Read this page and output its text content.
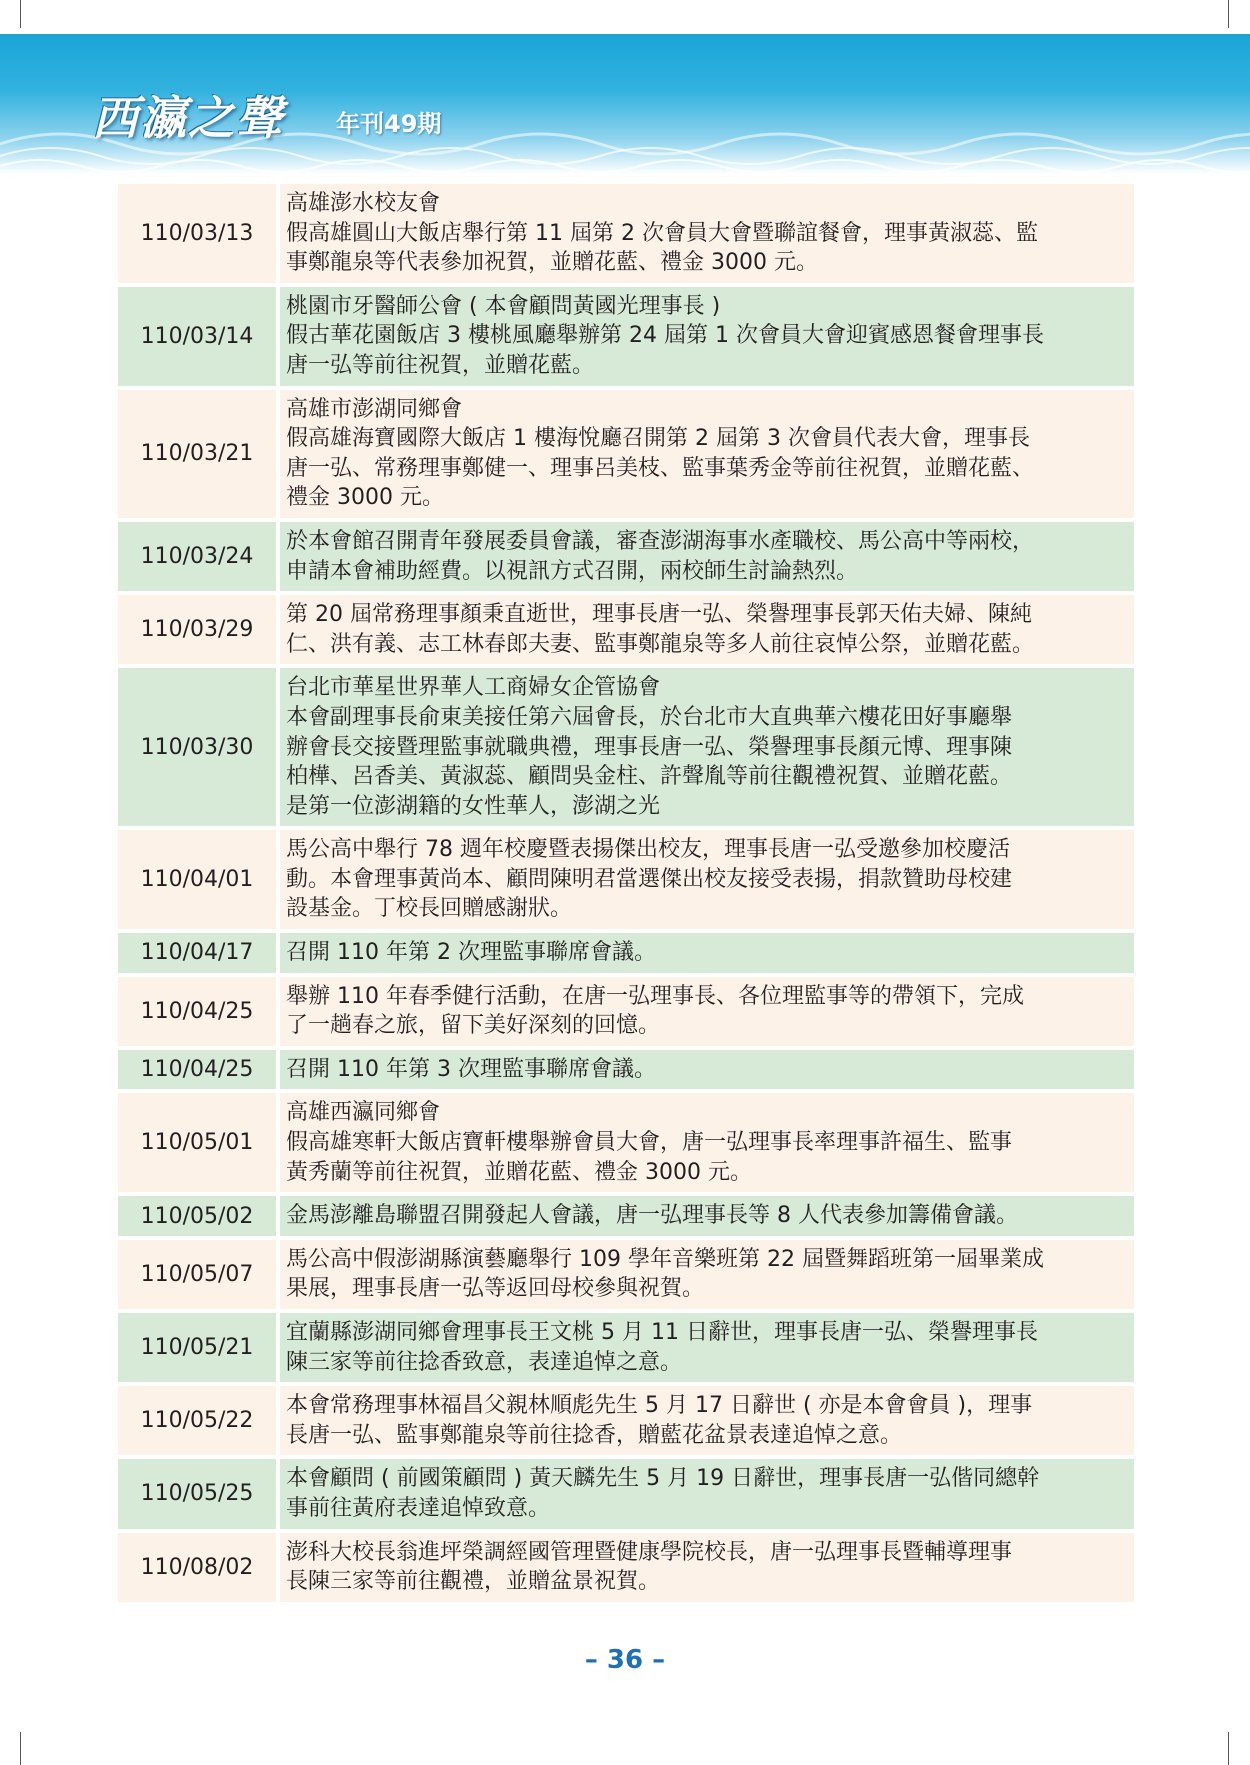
西瀛之聲 年刊49期
110/03/13
高雄澎水校友會
假高雄圓山大飯店舉行第 11 屆第 2 次會員大會暨聯誼餐會，理事黃淑蕊、監
事鄭龍泉等代表參加祝賀，並贈花藍、禮金 3000 元。
110/03/14
桃園市牙醫師公會 ( 本會顧問黃國光理事長 )
假古華花園飯店 3 樓桃風廳舉辦第 24 屆第 1 次會員大會迎賓感恩餐會理事長
唐一弘等前往祝賀，並贈花藍。
110/03/21
高雄市澎湖同鄉會
假高雄海寶國際大飯店 1 樓海悅廳召開第 2 屆第 3 次會員代表大會，理事長
唐一弘、常務理事鄭健一、理事呂美枝、監事葉秀金等前往祝賀，並贈花藍、
禮金 3000 元。
110/03/24
於本會館召開青年發展委員會議，審查澎湖海事水產職校、馬公高中等兩校，
申請本會補助經費。以視訊方式召開，兩校師生討論熱烈。
110/03/29
第 20 屆常務理事顏秉直逝世，理事長唐一弘、榮譽理事長郭天佑夫婦、陳純
仁、洪有義、志工林春郎夫妻、監事鄭龍泉等多人前往哀悼公祭，並贈花藍。
110/03/30
台北市華星世界華人工商婦女企管協會
本會副理事長俞東美接任第六屆會長，於台北市大直典華六樓花田好事廳舉
辦會長交接暨理監事就職典禮，理事長唐一弘、榮譽理事長顏元博、理事陳
柏樺、呂香美、黃淑蕊、顧問吳金柱、許聲胤等前往觀禮祝賀、並贈花藍。
是第一位澎湖籍的女性華人，澎湖之光
110/04/01
馬公高中舉行 78 週年校慶暨表揚傑出校友，理事長唐一弘受邀參加校慶活
動。本會理事黃尚本、顧問陳明君當選傑出校友接受表揚，捐款贊助母校建
設基金。丁校長回贈感謝狀。
110/04/17	召開 110 年第 2 次理監事聯席會議。
110/04/25
舉辦 110 年春季健行活動，在唐一弘理事長、各位理監事等的帶領下，完成
了一趟春之旅，留下美好深刻的回憶。
110/04/25	召開 110 年第 3 次理監事聯席會議。
110/05/01
高雄西瀛同鄉會
假高雄寒軒大飯店寶軒樓舉辦會員大會，唐一弘理事長率理事許福生、監事
黃秀蘭等前往祝賀，並贈花藍、禮金 3000 元。
110/05/02	金馬澎離島聯盟召開發起人會議，唐一弘理事長等 8 人代表參加籌備會議。
110/05/07
馬公高中假澎湖縣演藝廳舉行 109 學年音樂班第 22 屆暨舞蹈班第一屆畢業成
果展，理事長唐一弘等返回母校參與祝賀。
110/05/21
宜蘭縣澎湖同鄉會理事長王文桃 5 月 11 日辭世，理事長唐一弘、榮譽理事長
陳三家等前往捻香致意，表達追悼之意。
110/05/22
本會常務理事林福昌父親林順彪先生 5 月 17 日辭世 ( 亦是本會會員 )，理事
長唐一弘、監事鄭龍泉等前往捻香，贈藍花盆景表達追悼之意。
110/05/25
本會顧問 ( 前國策顧問 ) 黃天麟先生 5 月 19 日辭世，理事長唐一弘偕同總幹
事前往黃府表達追悼致意。
110/08/02
澎科大校長翁進坪榮調經國管理暨健康學院校長，唐一弘理事長暨輔導理事
長陳三家等前往觀禮，並贈盆景祝賀。
– 36 –
